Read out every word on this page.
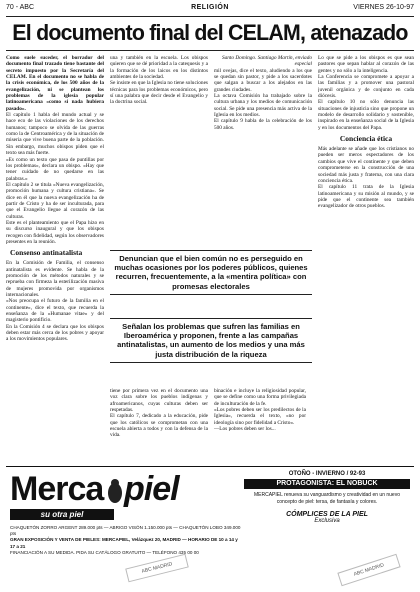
70 - ABC	RELIGIÓN	VIERNES 26-10-97
El documento final del CELAM, atenazado

Como suele suceder, el borrador del documento final trazado tiene bastante del secreto impuesto por la Secretaría del CELAM. En el documento no se habla de la crisis económica, de los 500 años de la evangelización, ni se plantean los problemas de la iglesia popular latinoamericana «como si nada hubiera pasado».

El capítulo 1 habla del mundo actual y se hace eco de las violaciones de los derechos humanos; tampoco se olvida de las guerras como la de Centroamérica y de la situación de miseria que vive buena parte de la población. Sin embargo, muchos obispos piden que el texto sea más fuerte.

«Es como un texto que pasa de puntillas por los problemas», declara un obispo. «Hay que tener cuidado de no quedarse en las palabras.»

El capítulo 2 se titula «Nueva evangelización, promoción humana y cultura cristiana». Se dice en él que la nueva evangelización ha de partir de Cristo y ha de ser inculturada, para que el Evangelio llegue al corazón de las culturas.

Este es el planteamiento que el Papa hizo en su discurso inaugural y que los obispos recogen con fidelidad, según los observadores presentes en la reunión.

Consenso antinatalista

En la Comisión de Familia, el consenso antinatalista es evidente. Se habla de la promoción de los métodos naturales y se reprueba con firmeza la esterilización masiva de mujeres promovida por organismos internacionales.

«Nos preocupa el futuro de la familia en el continente», dice el texto, que recuerda la enseñanza de la «Humanae vitae» y del magisterio pontificio.

En la Comisión 4 se declara que los obispos deben estar más cerca de los pobres y apoyar a los movimientos populares.

una y también en la escuela. Los obispos quieren que se dé prioridad a la catequesis y a la formación de los laicos en los distintos ambientes de la sociedad.

Se insiste en que la Iglesia no tiene soluciones técnicas para los problemas económicos, pero sí una palabra que decir desde el Evangelio y la doctrina social.

Santo Domingo. Santiago Martín, enviado especial

mil ovejas, dice el texto, aludiendo a los que se quedan sin pastor, y pide a los sacerdotes que salgan a buscar a los alejados en las grandes ciudades.

La octava Comisión ha trabajado sobre la cultura urbana y los medios de comunicación social. Se pide una presencia más activa de la Iglesia en los medios.

El capítulo 9 habla de la celebración de los 500 años.

Denuncian que el bien común no es perseguido en muchas ocasiones por los poderes públicos, quienes recurren, frecuentemente, a la «mentira política» con promesas electorales
Señalan los problemas que sufren las familias en Iberoamérica y proponen, frente a las campañas antinatalistas, un aumento de los medios y una más justa distribución de la riqueza

tiene por primera vez en el documento una voz clara sobre los pueblos indígenas y afroamericanos, cuyas culturas deben ser respetadas.

El capítulo 7, dedicado a la educación, pide que los católicos se comprometan con una escuela abierta a todos y con la defensa de la vida.

binación e incluye la religiosidad popular, que se define como una forma privilegiada de inculturación de la fe.

«Los pobres deben ser los predilectos de la Iglesia», recuerda el texto, «no por ideología sino por fidelidad a Cristo».

—Los pobres deben ser los...

Lo que se pide a los obispos es que sean pastores que sepan hablar al corazón de las gentes y no sólo a la inteligencia.

La Conferencia se compromete a apoyar a las familias y a promover una pastoral juvenil orgánica y de conjunto en cada diócesis.

El capítulo 10 no sólo denuncia las situaciones de injusticia sino que propone un modelo de desarrollo solidario y sostenible, inspirado en la enseñanza social de la Iglesia y en los documentos del Papa.

Conciencia ética

Más adelante se añade que los cristianos no pueden ser meros espectadores de los cambios que vive el continente y que deben comprometerse en la construcción de una sociedad más justa y fraterna, con una clara conciencia ética.

El capítulo 11 trata de la Iglesia latinoamericana y su misión al mundo, y se pide que el continente sea también evangelizador de otros pueblos.

Merca piel
su otra piel
CHAQUETÓN ZORRO ARGENT 289.000 pts — ABRIGO VISÓN 1.150.000 pts — CHAQUETÓN LOBO 349.000 pts
GRAN EXPOSICIÓN Y VENTA DE PIELES: MERCAPIEL, Velázquez 20, MADRID — HORARIO DE 10 a 14 y 17 a 21
FINANCIACIÓN A SU MEDIDA. PIDA SU CATÁLOGO GRATUITO — TELÉFONO 435 00 00
OTOÑO - INVIERNO / 92-93
PROTAGONISTA: EL NOBUCK
MERCAPIEL renueva su vanguardismo y creatividad en un nuevo concepto de piel: tersa, de fantasía y colores.
CÓMPLICES DE LA PIEL
Exclusiva
ABC MADRID	ABC MADRID
